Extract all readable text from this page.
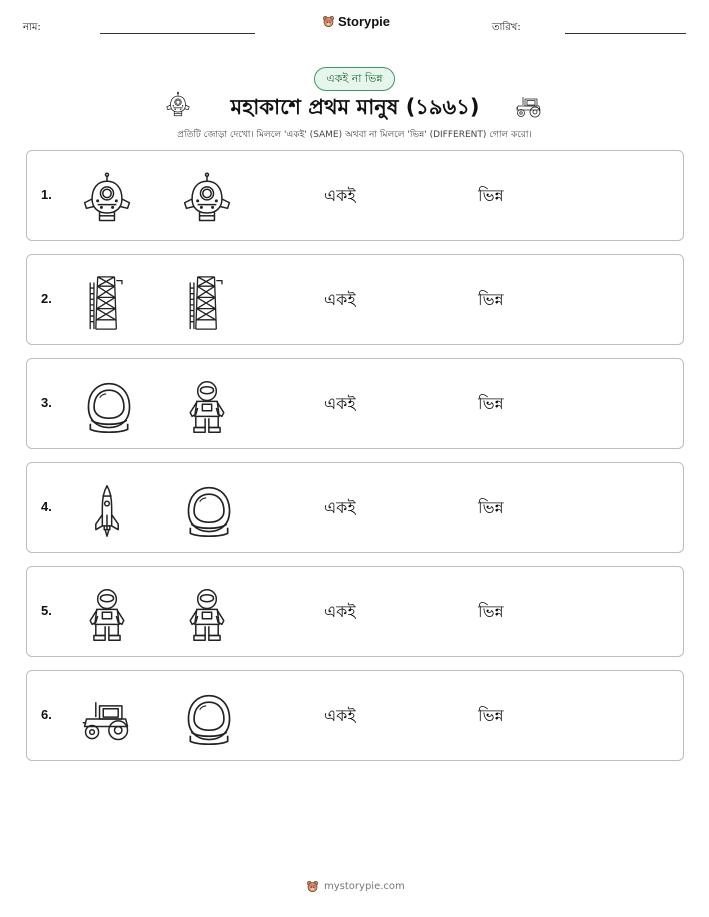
নাম:	Storypie	তারিখ:
একই না ভিন্ন
মহাকাশে প্রথম মানুষ (১৯৬১)
প্রতিটি জোড়া দেখো। মিললে 'একই' (SAME) অথবা না মিললে 'ভিন্ন' (DIFFERENT) গোল করো।
1.	একই	ভিন্ন
2.	একই	ভিন্ন
3.	একই	ভিন্ন
4.	একই	ভিন্ন
5.	একই	ভিন্ন
6.	একই	ভিন্ন
mystorypie.com
